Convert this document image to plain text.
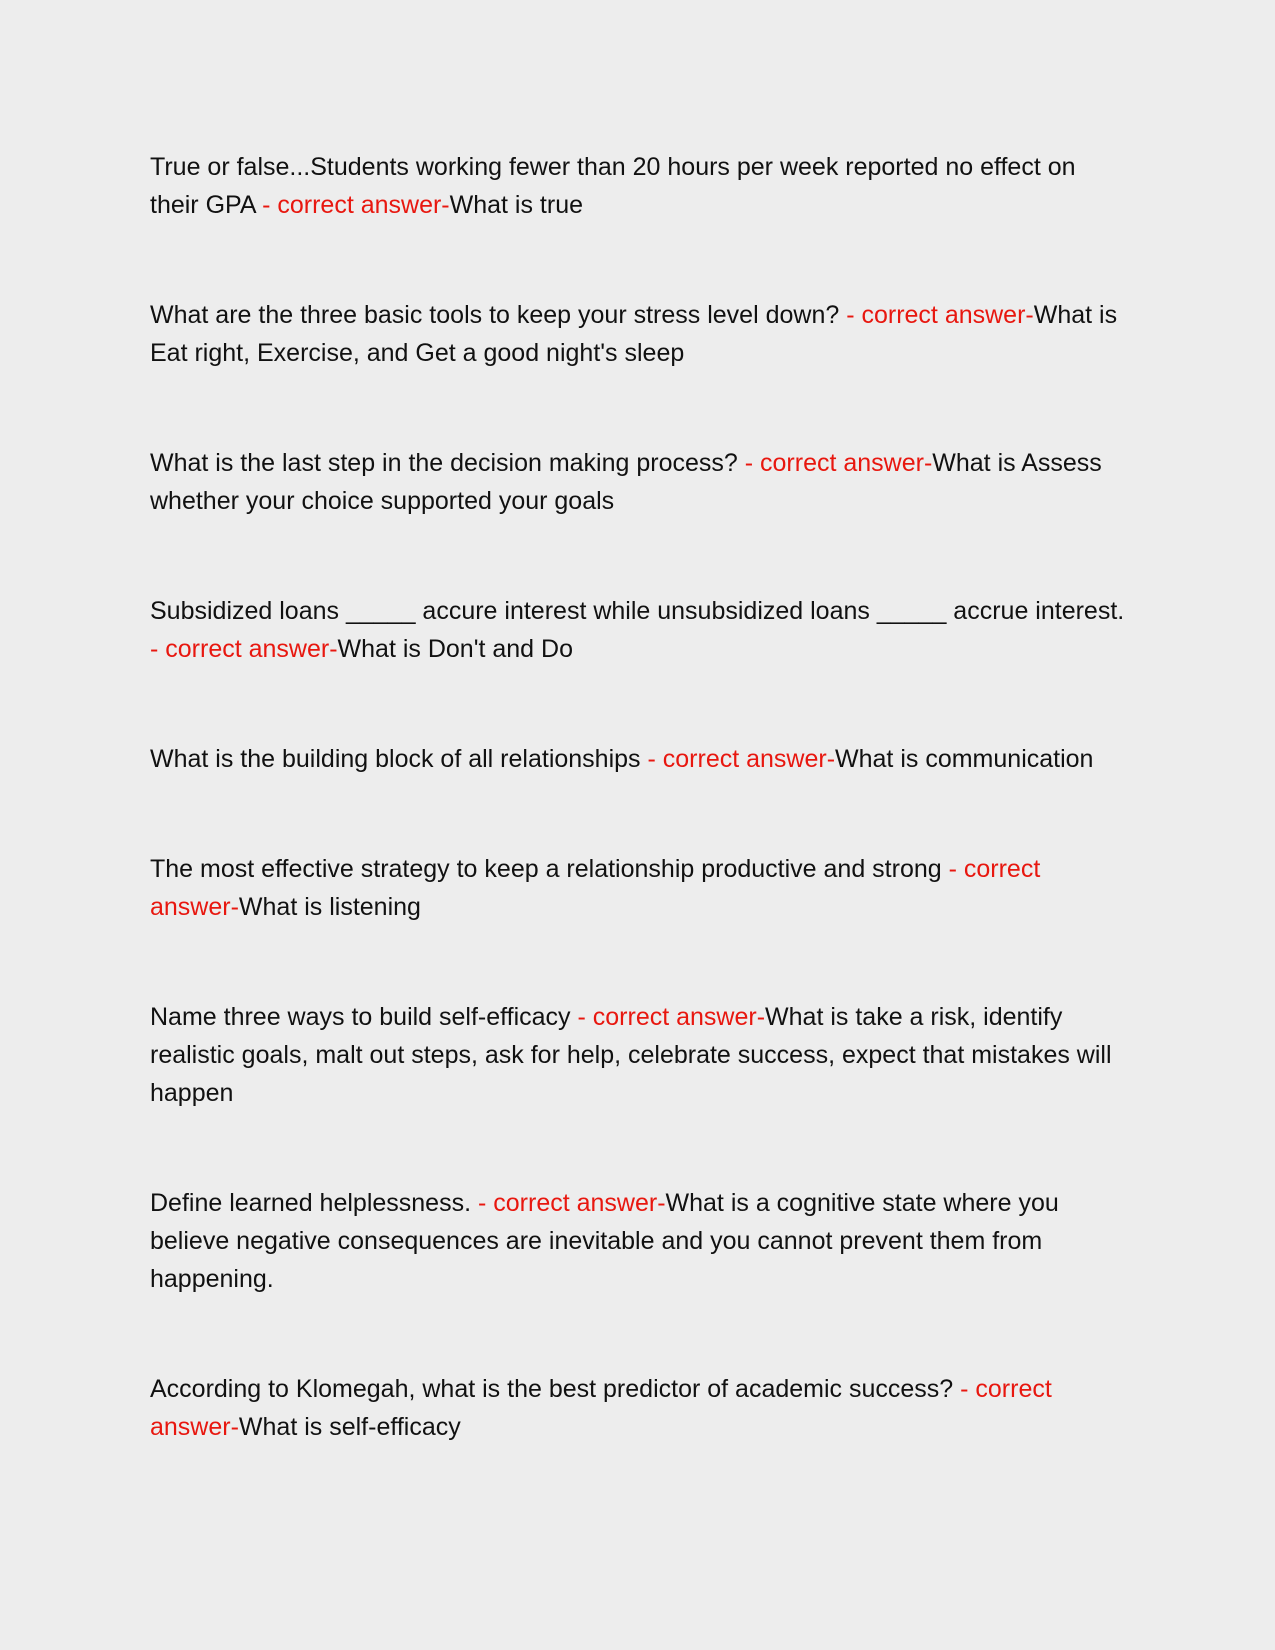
True or false...Students working fewer than 20 hours per week reported no effect on their GPA - correct answer-What is true

What are the three basic tools to keep your stress level down? - correct answer-What is Eat right, Exercise, and Get a good night's sleep

What is the last step in the decision making process? - correct answer-What is Assess whether your choice supported your goals

Subsidized loans _____ accure interest while unsubsidized loans _____ accrue interest. - correct answer-What is Don't and Do

What is the building block of all relationships - correct answer-What is communication

The most effective strategy to keep a relationship productive and strong - correct answer-What is listening

Name three ways to build self-efficacy - correct answer-What is take a risk, identify realistic goals, malt out steps, ask for help, celebrate success, expect that mistakes will happen

Define learned helplessness. - correct answer-What is a cognitive state where you believe negative consequences are inevitable and you cannot prevent them from happening.

According to Klomegah, what is the best predictor of academic success? - correct answer-What is self-efficacy
